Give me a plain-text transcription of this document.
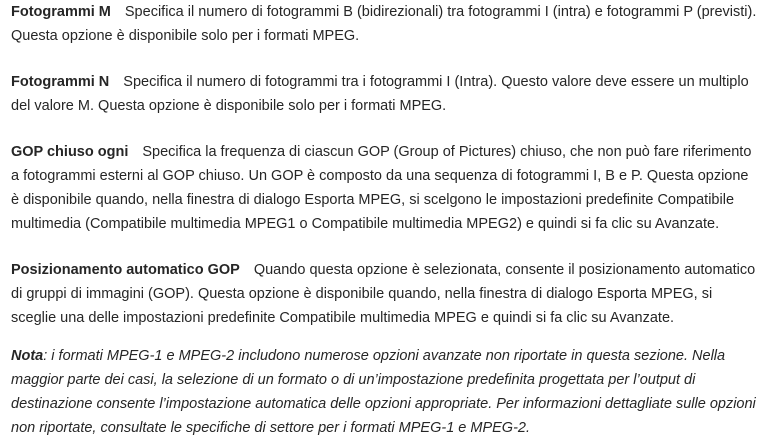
Fotogrammi M Specifica il numero di fotogrammi B (bidirezionali) tra fotogrammi I (intra) e fotogrammi P (previsti). Questa opzione è disponibile solo per i formati MPEG.

Fotogrammi N Specifica il numero di fotogrammi tra i fotogrammi I (Intra). Questo valore deve essere un multiplo del valore M. Questa opzione è disponibile solo per i formati MPEG.

GOP chiuso ogni Specifica la frequenza di ciascun GOP (Group of Pictures) chiuso, che non può fare riferimento a fotogrammi esterni al GOP chiuso. Un GOP è composto da una sequenza di fotogrammi I, B e P. Questa opzione è disponibile quando, nella finestra di dialogo Esporta MPEG, si scelgono le impostazioni predefinite Compatibile multimedia (Compatibile multimedia MPEG1 o Compatibile multimedia MPEG2) e quindi si fa clic su Avanzate.

Posizionamento automatico GOP Quando questa opzione è selezionata, consente il posizionamento automatico di gruppi di immagini (GOP). Questa opzione è disponibile quando, nella finestra di dialogo Esporta MPEG, si sceglie una delle impostazioni predefinite Compatibile multimedia MPEG e quindi si fa clic su Avanzate.

Nota: i formati MPEG-1 e MPEG-2 includono numerose opzioni avanzate non riportate in questa sezione. Nella maggior parte dei casi, la selezione di un formato o di un’impostazione predefinita progettata per l’output di destinazione consente l’impostazione automatica delle opzioni appropriate. Per informazioni dettagliate sulle opzioni non riportate, consultate le specifiche di settore per i formati MPEG-1 e MPEG-2.
